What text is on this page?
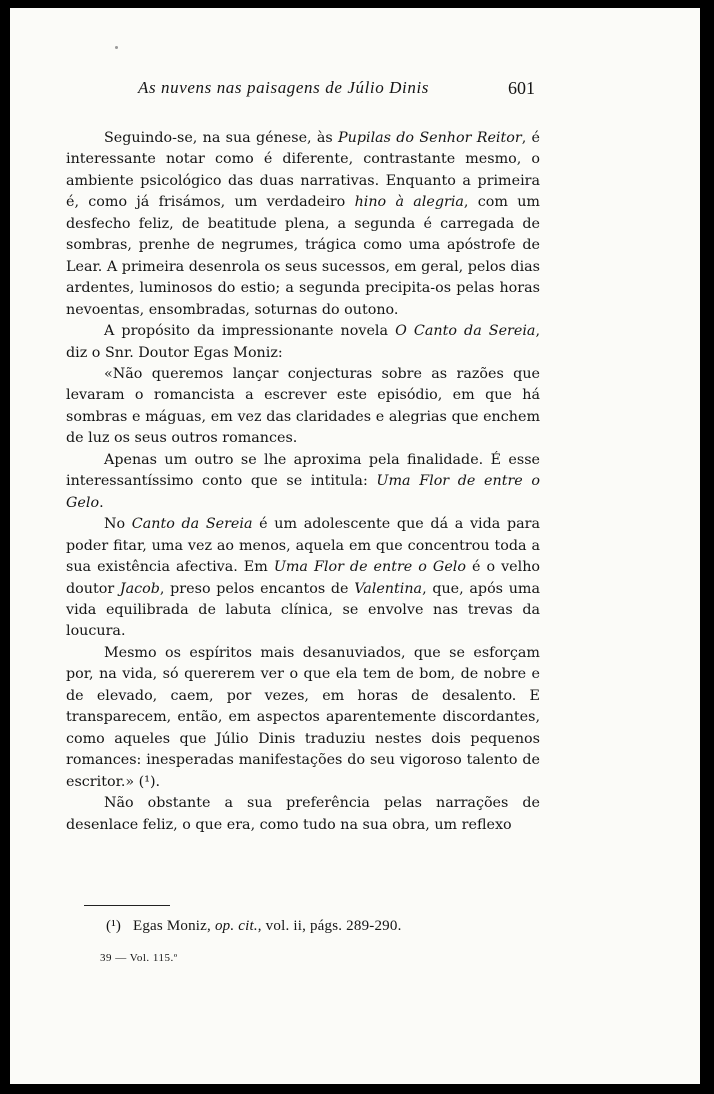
As nuvens nas paisagens de Júlio Dinis	601

Seguindo-se, na sua génese, às Pupilas do Senhor Reitor, é interessante notar como é diferente, contrastante mesmo, o ambiente psicológico das duas narrativas. Enquanto a primeira é, como já frisámos, um verdadeiro hino à alegria, com um desfecho feliz, de beatitude plena, a segunda é carregada de sombras, prenhe de negrumes, trágica como uma apóstrofe de Lear. A primeira desenrola os seus sucessos, em geral, pelos dias ardentes, luminosos do estio; a segunda precipita-os pelas horas nevoentas, ensombradas, soturnas do outono.

A propósito da impressionante novela O Canto da Sereia, diz o Snr. Doutor Egas Moniz:

«Não queremos lançar conjecturas sobre as razões que levaram o romancista a escrever este episódio, em que há sombras e máguas, em vez das claridades e alegrias que enchem de luz os seus outros romances.

Apenas um outro se lhe aproxima pela finalidade. É esse interessantíssimo conto que se intitula: Uma Flor de entre o Gelo.

No Canto da Sereia é um adolescente que dá a vida para poder fitar, uma vez ao menos, aquela em que concentrou toda a sua existência afectiva. Em Uma Flor de entre o Gelo é o velho doutor Jacob, preso pelos encantos de Valentina, que, após uma vida equilibrada de labuta clínica, se envolve nas trevas da loucura.

Mesmo os espíritos mais desanuviados, que se esforçam por, na vida, só quererem ver o que ela tem de bom, de nobre e de elevado, caem, por vezes, em horas de desalento. E transparecem, então, em aspectos aparentemente discordantes, como aqueles que Júlio Dinis traduziu nestes dois pequenos romances: inesperadas manifestações do seu vigoroso talento de escritor.» (¹).

Não obstante a sua preferência pelas narrações de desenlace feliz, o que era, como tudo na sua obra, um reflexo

(¹) Egas Moniz, op. cit., vol. ii, págs. 289-290.
39 — Vol. 115.º
